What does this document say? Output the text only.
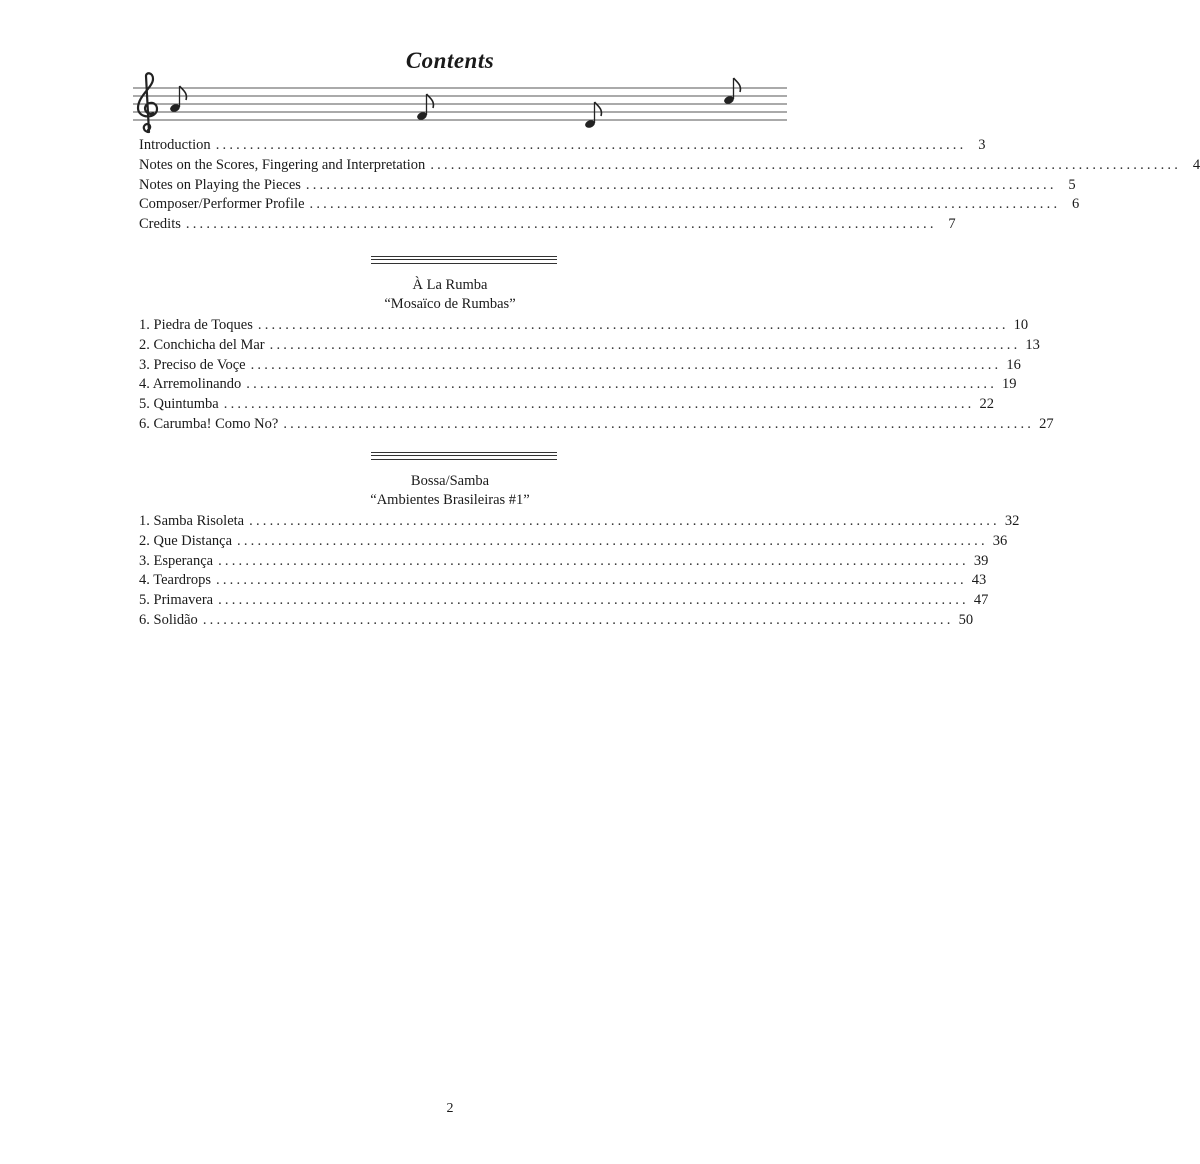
Contents
Introduction .............................................................................................................. 3
Notes on the Scores, Fingering and Interpretation .............................................................................................................. 4
Notes on Playing the Pieces .............................................................................................................. 5
Composer/Performer Profile .............................................................................................................. 6
Credits .............................................................................................................. 7
À La Rumba
“Mosaïco de Rumbas”
1. Piedra de Toques .............................................................................................................. 10
2. Conchicha del Mar .............................................................................................................. 13
3. Preciso de Voçe .............................................................................................................. 16
4. Arremolinando .............................................................................................................. 19
5. Quintumba .............................................................................................................. 22
6. Carumba! Como No? .............................................................................................................. 27
Bossa/Samba
“Ambientes Brasileiras #1”
1. Samba Risoleta .............................................................................................................. 32
2. Que Distança .............................................................................................................. 36
3. Esperança .............................................................................................................. 39
4. Teardrops .............................................................................................................. 43
5. Primavera .............................................................................................................. 47
6. Solidão .............................................................................................................. 50
2
